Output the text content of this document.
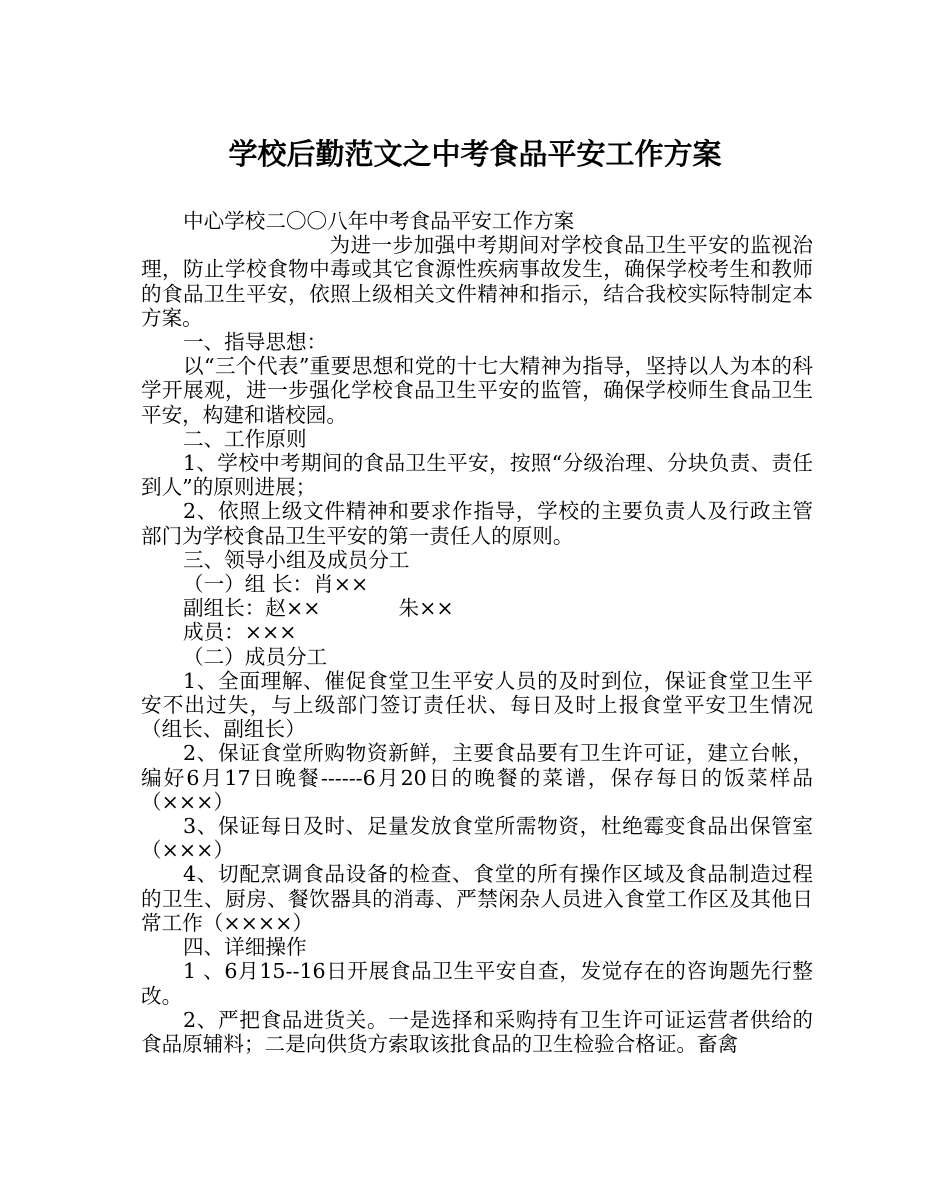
学校后勤范文之中考食品平安工作方案

中心学校二〇〇八年中考食品平安工作方案

为进一步加强中考期间对学校食品卫生平安的监视治理，防止学校食物中毒或其它食源性疾病事故发生，确保学校考生和教师的食品卫生平安，依照上级相关文件精神和指示，结合我校实际特制定本方案。

一、指导思想：

以“三个代表”重要思想和党的十七大精神为指导，坚持以人为本的科学开展观，进一步强化学校食品卫生平安的监管，确保学校师生食品卫生平安，构建和谐校园。

二、工作原则

1、学校中考期间的食品卫生平安，按照“分级治理、分块负责、责任到人”的原则进展；

2、依照上级文件精神和要求作指导，学校的主要负责人及行政主管部门为学校食品卫生平安的第一责任人的原则。

三、领导小组及成员分工

（一）组 长：肖××

副组长：赵××	朱××

成员：×××

（二）成员分工

1、全面理解、催促食堂卫生平安人员的及时到位，保证食堂卫生平安不出过失，与上级部门签订责任状、每日及时上报食堂平安卫生情况（组长、副组长）

2、保证食堂所购物资新鲜，主要食品要有卫生许可证，建立台帐，编好6月17日晚餐------6月20日的晚餐的菜谱，保存每日的饭菜样品（×××）

3、保证每日及时、足量发放食堂所需物资，杜绝霉变食品出保管室（×××）

4、切配烹调食品设备的检查、食堂的所有操作区域及食品制造过程的卫生、厨房、餐饮器具的消毒、严禁闲杂人员进入食堂工作区及其他日常工作（××××）

四、详细操作

1 、6月15--16日开展食品卫生平安自查，发觉存在的咨询题先行整改。

2、严把食品进货关。一是选择和采购持有卫生许可证运营者供给的食品原辅料；二是向供货方索取该批食品的卫生检验合格证。畜禽
